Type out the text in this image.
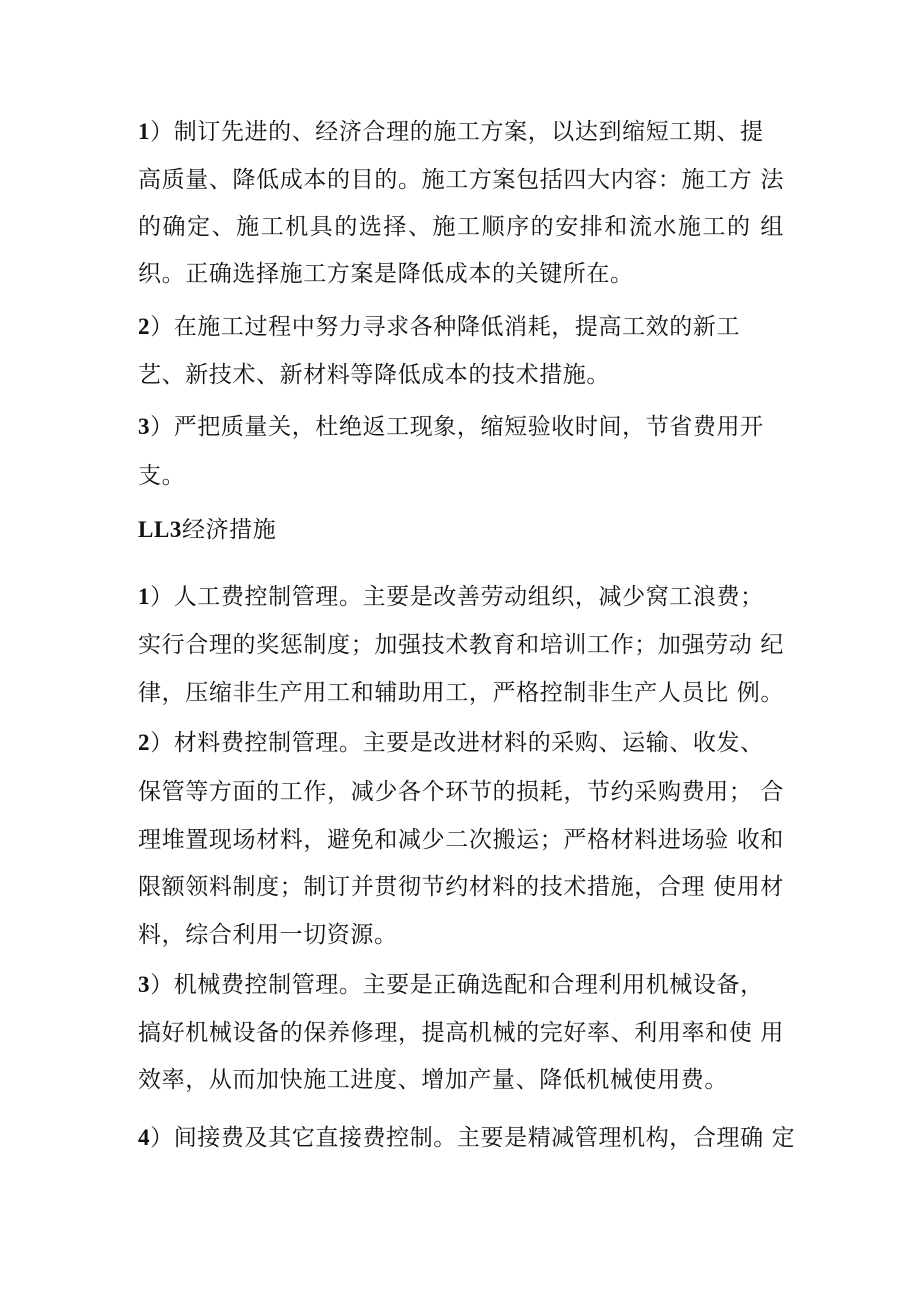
1）制订先进的、经济合理的施工方案，以达到缩短工期、提
高质量、降低成本的目的。施工方案包括四大内容：施工方 法
的确定、施工机具的选择、施工顺序的安排和流水施工的 组
织。正确选择施工方案是降低成本的关键所在。
2）在施工过程中努力寻求各种降低消耗，提高工效的新工
艺、新技术、新材料等降低成本的技术措施。
3）严把质量关，杜绝返工现象，缩短验收时间，节省费用开
支。
LL3经济措施
1）人工费控制管理。主要是改善劳动组织，减少窝工浪费；
实行合理的奖惩制度；加强技术教育和培训工作；加强劳动 纪
律，压缩非生产用工和辅助用工，严格控制非生产人员比 例。
2）材料费控制管理。主要是改进材料的采购、运输、收发、
保管等方面的工作，减少各个环节的损耗，节约采购费用； 合
理堆置现场材料，避免和减少二次搬运；严格材料进场验 收和
限额领料制度；制订并贯彻节约材料的技术措施，合理 使用材
料，综合利用一切资源。
3）机械费控制管理。主要是正确选配和合理利用机械设备，
搞好机械设备的保养修理，提高机械的完好率、利用率和使 用
效率，从而加快施工进度、增加产量、降低机械使用费。
4）间接费及其它直接费控制。主要是精减管理机构，合理确 定
